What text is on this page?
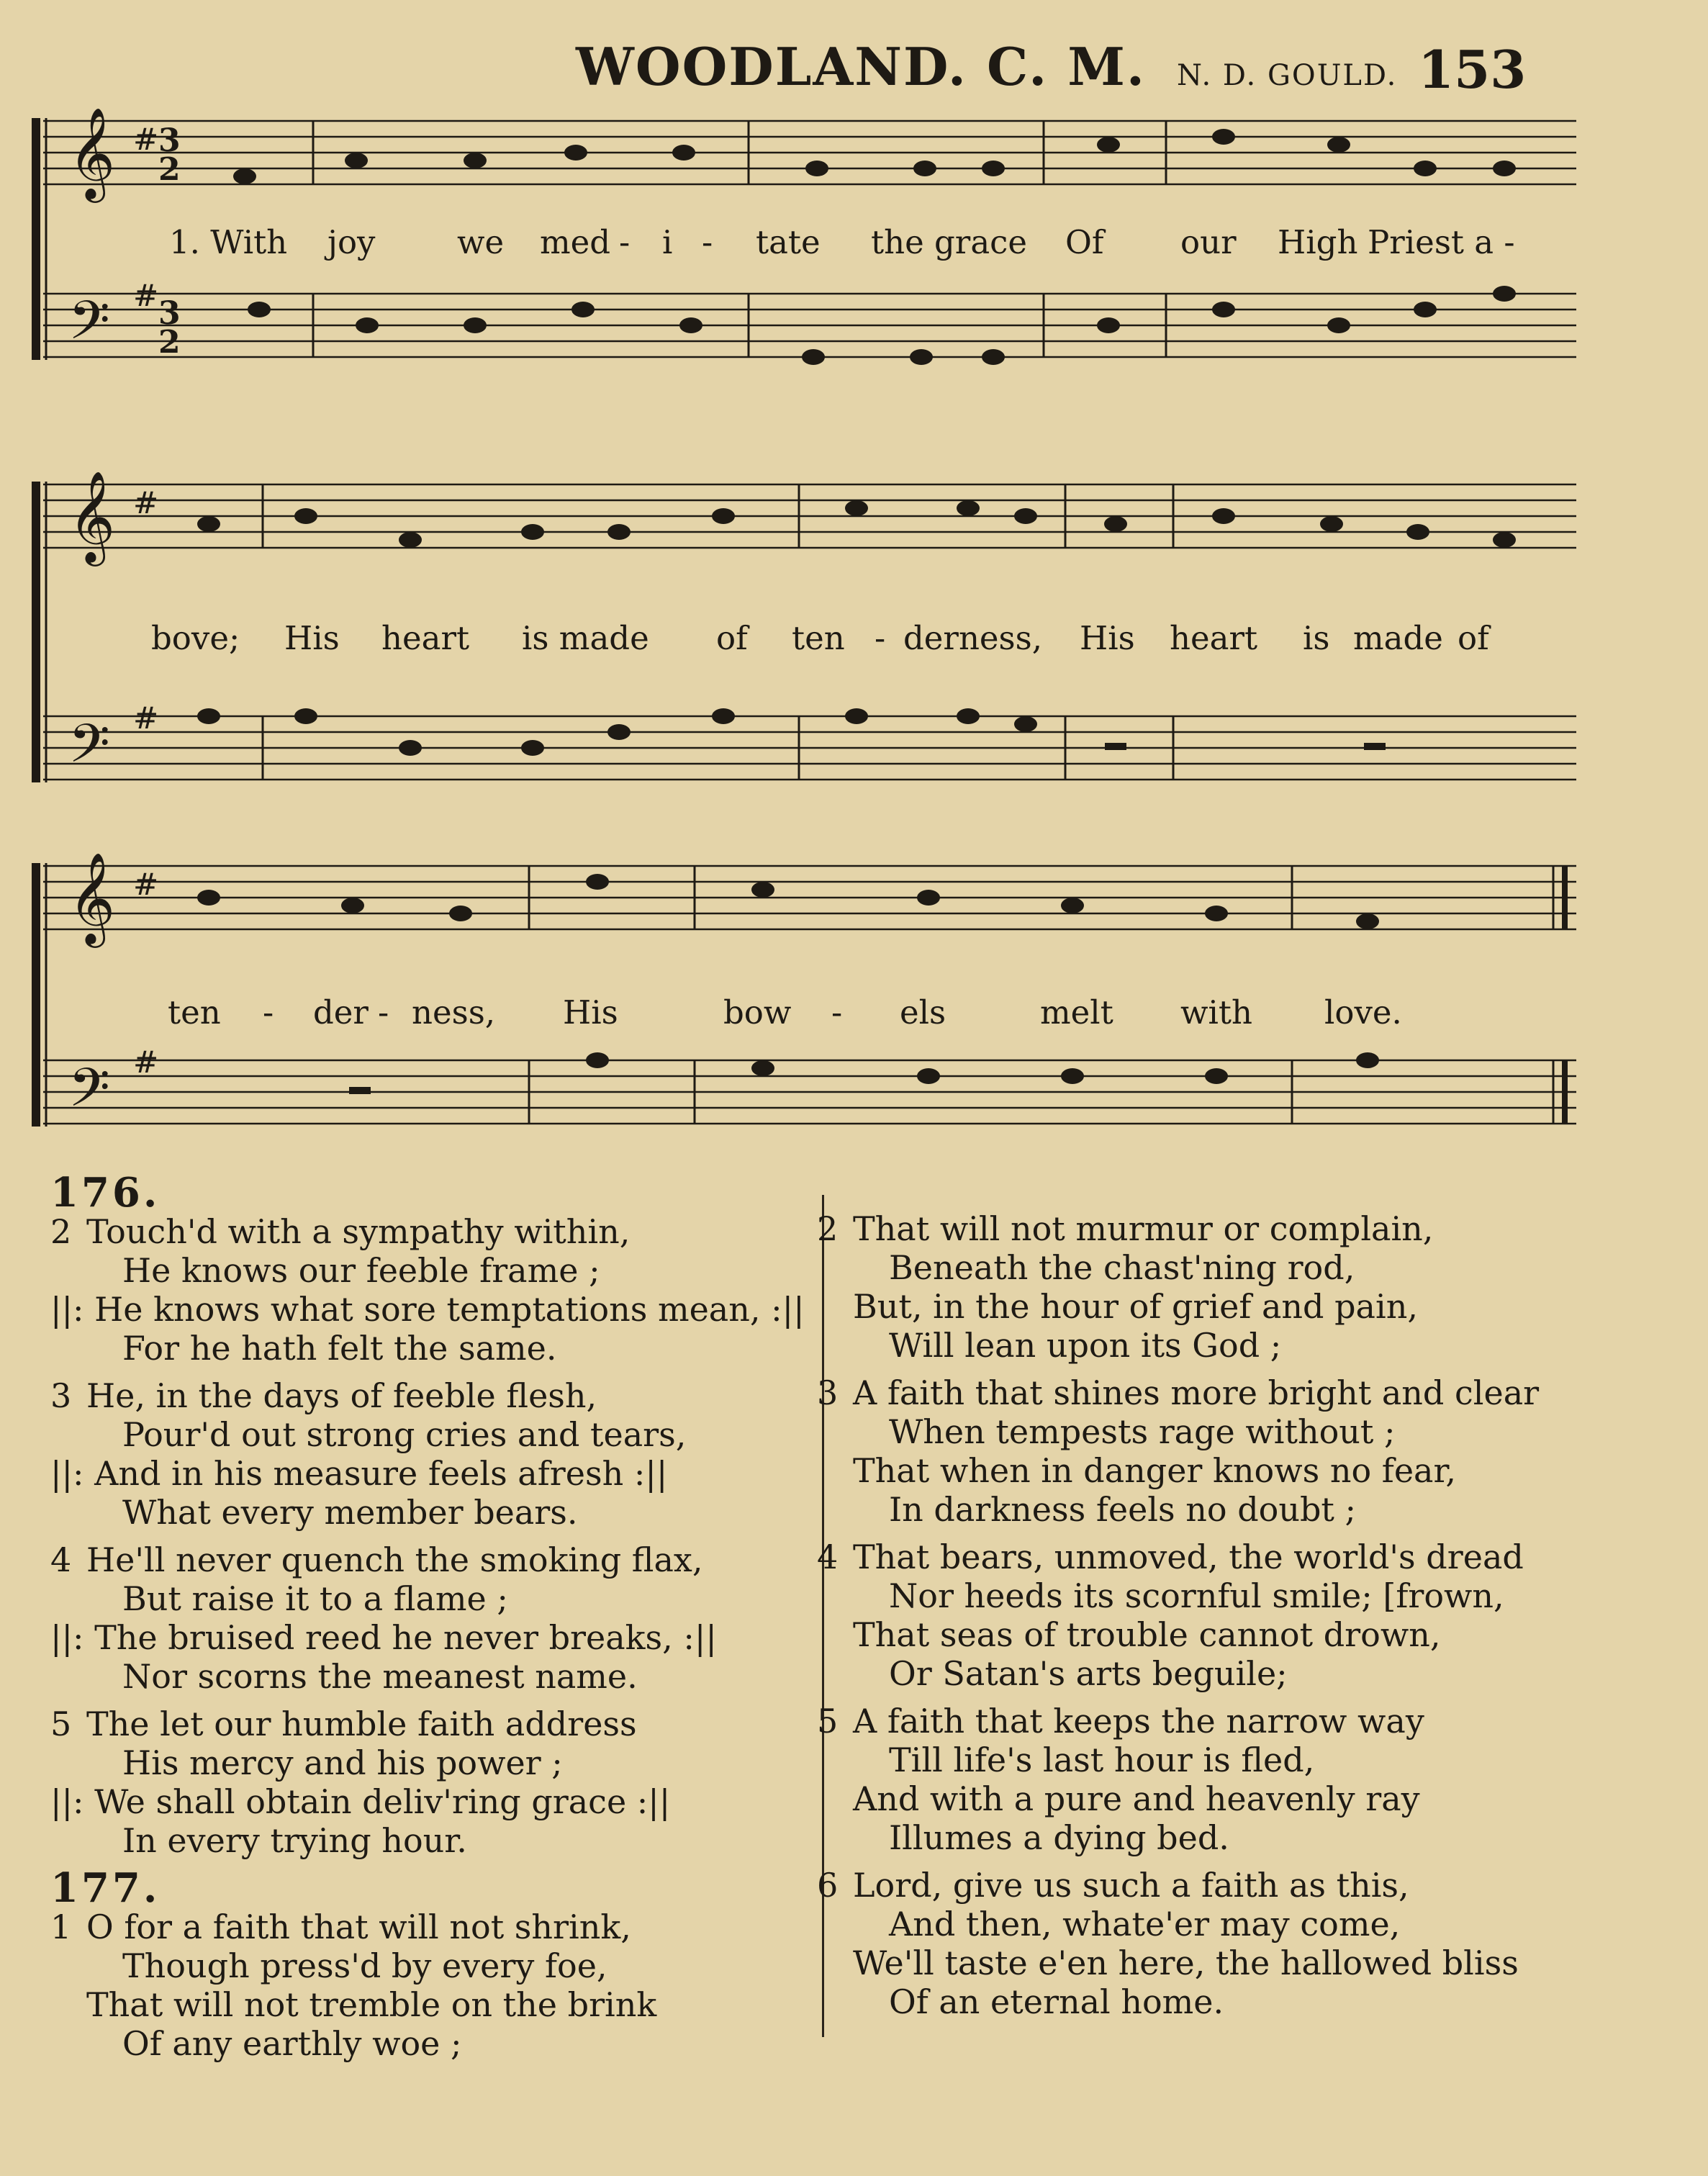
WOODLAND. C. M. N. D. GOULD. 153
𝄞
𝄢
#
#
3
2
3
2
1. With joy	we med - i - tate the grace Of our High Priest a -
𝄞
𝄢
#
#
bove; His heart is made of ten - derness, His heart is made of
𝄞
𝄢
#
#
ten - der - ness, His	bow - els	melt with love.
176.
2 Touch'd with a sympathy within,
He knows our feeble frame ;
||: He knows what sore temptations mean, :||
For he hath felt the same.
3 He, in the days of feeble flesh,
Pour'd out strong cries and tears,
||: And in his measure feels afresh :||
What every member bears.
4 He'll never quench the smoking flax,
But raise it to a flame ;
||: The bruised reed he never breaks, :||
Nor scorns the meanest name.
5 The let our humble faith address
His mercy and his power ;
||: We shall obtain deliv'ring grace :||
In every trying hour.
177.
1 O for a faith that will not shrink,
Though press'd by every foe,
That will not tremble on the brink
Of any earthly woe ;
2 That will not murmur or complain,
Beneath the chast'ning rod,
But, in the hour of grief and pain,
Will lean upon its God ;
3 A faith that shines more bright and clear
When tempests rage without ;
That when in danger knows no fear,
In darkness feels no doubt ;
4 That bears, unmoved, the world's dread
Nor heeds its scornful smile; [frown,
That seas of trouble cannot drown,
Or Satan's arts beguile;
5 A faith that keeps the narrow way
Till life's last hour is fled,
And with a pure and heavenly ray
Illumes a dying bed.
6 Lord, give us such a faith as this,
And then, whate'er may come,
We'll taste e'en here, the hallowed bliss
Of an eternal home.
